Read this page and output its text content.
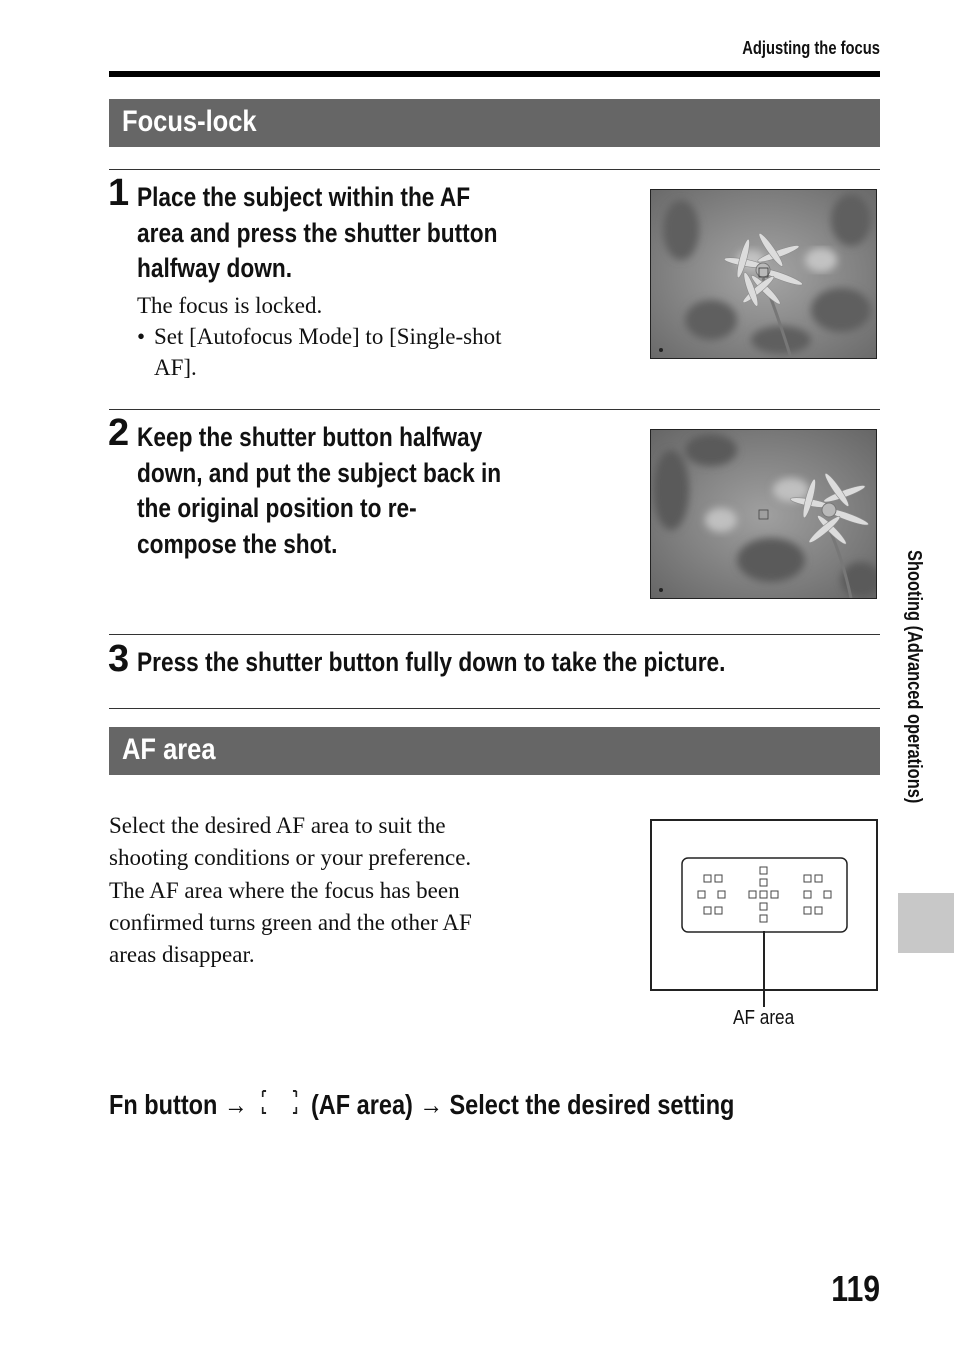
Adjusting the focus
Focus-lock
1 Place the subject within the AF
area and press the shutter button
halfway down.
The focus is locked.
• Set [Autofocus Mode] to [Single-shot
AF].
2 Keep the shutter button halfway
down, and put the subject back in
the original position to re-
compose the shot.
3 Press the shutter button fully down to take the picture.
AF area
Select the desired AF area to suit the
shooting conditions or your preference.
The AF area where the focus has been
confirmed turns green and the other AF
areas disappear.
AF area
Fn button → (AF area) → Select the desired setting
Shooting (Advanced operations)
119
